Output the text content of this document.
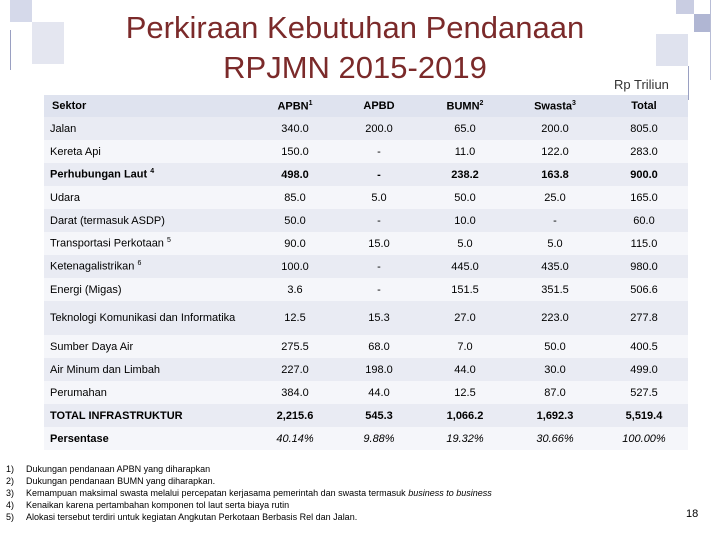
Perkiraan Kebutuhan Pendanaan
RPJMN 2015-2019	Rp Triliun
Sektor	APBN$^1$	APBD	BUMN$^2$	Swasta$^3$	Total
Jalan	340.0	200.0	65.0	200.0	805.0
Kereta Api	150.0	-	11.0	122.0	283.0
Perhubungan Laut $^4$	498.0	-	238.2	163.8	900.0
Udara	85.0	5.0	50.0	25.0	165.0
Darat (termasuk ASDP)	50.0	-	10.0	-	60.0
Transportasi Perkotaan $^5$	90.0	15.0	5.0	5.0	115.0
Ketenagalistrikan $^6$	100.0	-	445.0	435.0	980.0
Energi (Migas)	3.6	-	151.5	351.5	506.6
Teknologi Komunikasi dan Informatika	12.5	15.3	27.0	223.0	277.8
Sumber Daya Air	275.5	68.0	7.0	50.0	400.5
Air Minum dan Limbah	227.0	198.0	44.0	30.0	499.0
Perumahan	384.0	44.0	12.5	87.0	527.5
TOTAL INFRASTRUKTUR	2,215.6	545.3	1,066.2	1,692.3	5,519.4
Persentase	40.14%	9.88%	19.32%	30.66%	100.00%
1) Dukungan pendanaan APBN yang diharapkan
2) Dukungan pendanaan BUMN yang diharapkan.
3) Kemampuan maksimal swasta melalui percepatan kerjasama pemerintah dan swasta termasuk business to business
4) Kenaikan karena pertambahan komponen tol laut serta biaya rutin
5) Alokasi tersebut terdiri untuk kegiatan Angkutan Perkotaan Berbasis Rel dan Jalan.	18
